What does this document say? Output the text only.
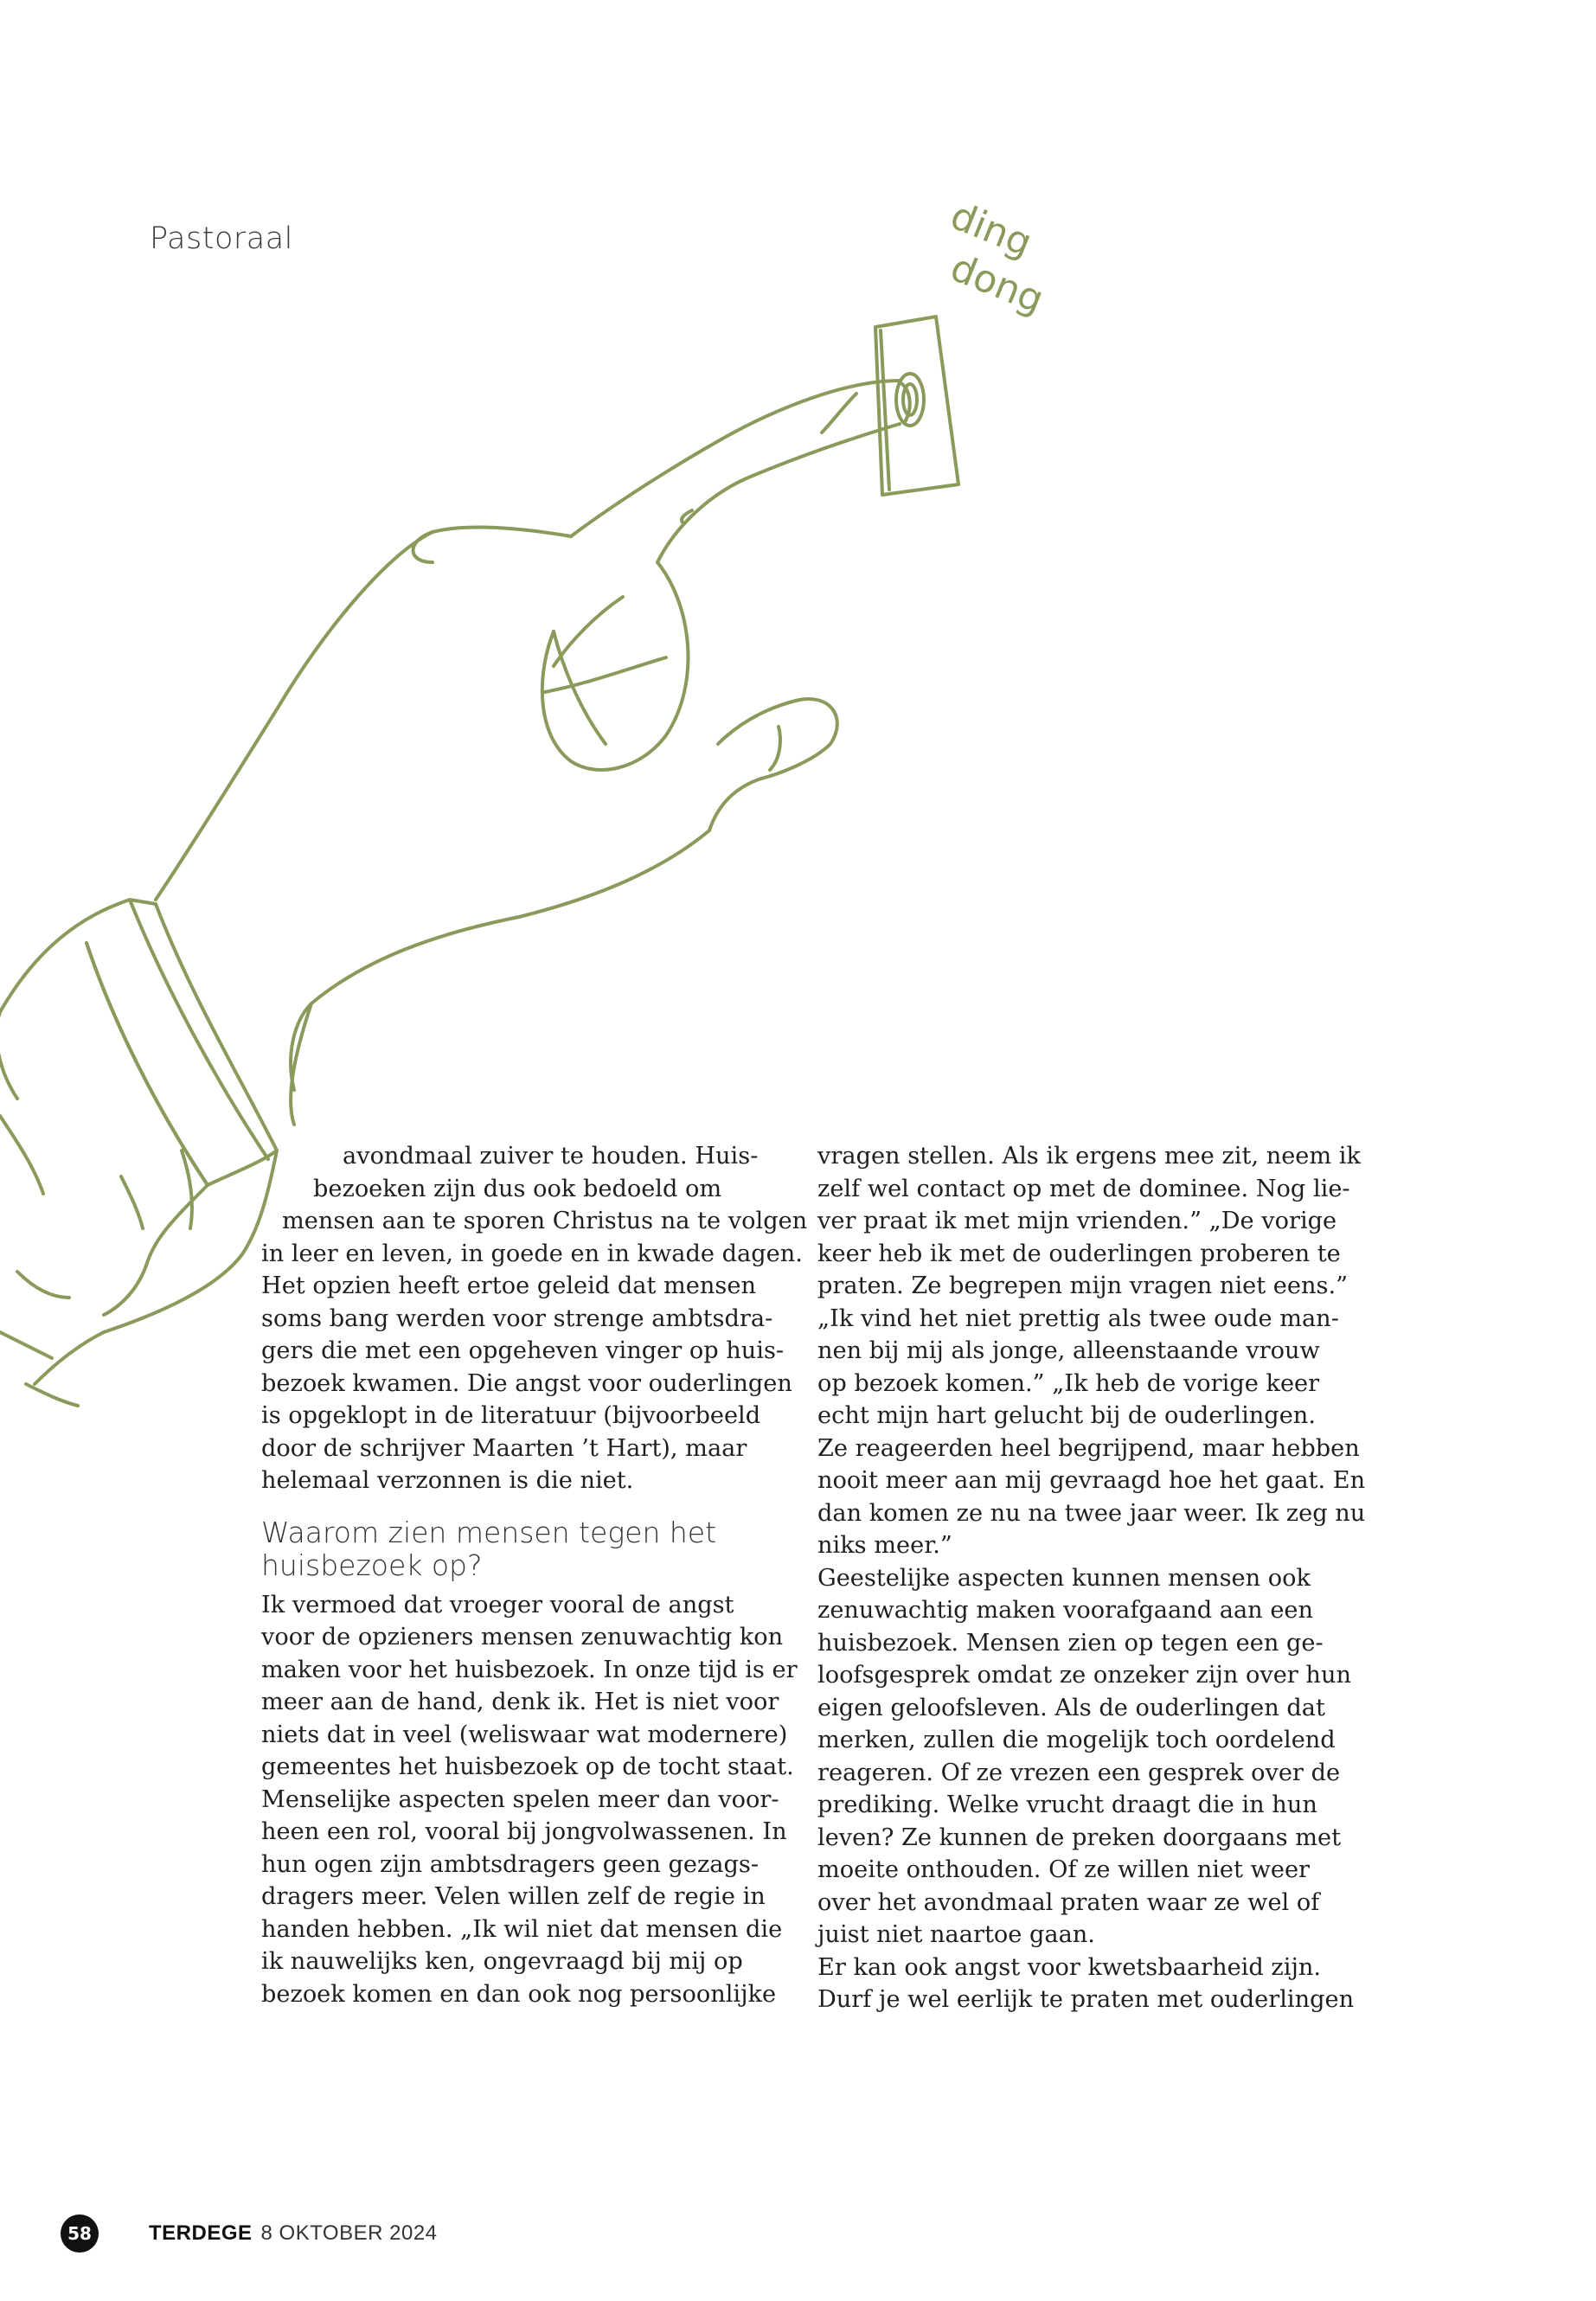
Pastoraal	ding
dong

avondmaal zuiver te houden. Huis-

bezoeken zijn dus ook bedoeld om

mensen aan te sporen Christus na te volgen

in leer en leven, in goede en in kwade dagen.

Het opzien heeft ertoe geleid dat mensen

soms bang werden voor strenge ambtsdra-

gers die met een opgeheven vinger op huis-

bezoek kwamen. Die angst voor ouderlingen

is opgeklopt in de literatuur (bijvoorbeeld

door de schrijver Maarten ’t Hart), maar

helemaal verzonnen is die niet.

Waarom zien mensen tegen het
huisbezoek op?

Ik vermoed dat vroeger vooral de angst

voor de opzieners mensen zenuwachtig kon

maken voor het huisbezoek. In onze tijd is er

meer aan de hand, denk ik. Het is niet voor

niets dat in veel (weliswaar wat modernere)

gemeentes het huisbezoek op de tocht staat.

Menselijke aspecten spelen meer dan voor-

heen een rol, vooral bij jongvolwassenen. In

hun ogen zijn ambtsdragers geen gezags-

dragers meer. Velen willen zelf de regie in

handen hebben. „Ik wil niet dat mensen die

ik nauwelijks ken, ongevraagd bij mij op

bezoek komen en dan ook nog persoonlijke

vragen stellen. Als ik ergens mee zit, neem ik

zelf wel contact op met de dominee. Nog lie-

ver praat ik met mijn vrienden.” „De vorige

keer heb ik met de ouderlingen proberen te

praten. Ze begrepen mijn vragen niet eens.”

„Ik vind het niet prettig als twee oude man-

nen bij mij als jonge, alleenstaande vrouw

op bezoek komen.” „Ik heb de vorige keer

echt mijn hart gelucht bij de ouderlingen.

Ze reageerden heel begrijpend, maar hebben

nooit meer aan mij gevraagd hoe het gaat. En

dan komen ze nu na twee jaar weer. Ik zeg nu

niks meer.”

Geestelijke aspecten kunnen mensen ook

zenuwachtig maken voorafgaand aan een

huisbezoek. Mensen zien op tegen een ge-

loofsgesprek omdat ze onzeker zijn over hun

eigen geloofsleven. Als de ouderlingen dat

merken, zullen die mogelijk toch oordelend

reageren. Of ze vrezen een gesprek over de

prediking. Welke vrucht draagt die in hun

leven? Ze kunnen de preken doorgaans met

moeite onthouden. Of ze willen niet weer

over het avondmaal praten waar ze wel of

juist niet naartoe gaan.

Er kan ook angst voor kwetsbaarheid zijn.

Durf je wel eerlijk te praten met ouderlingen

58	TERDEGE 8 OKTOBER 2024
